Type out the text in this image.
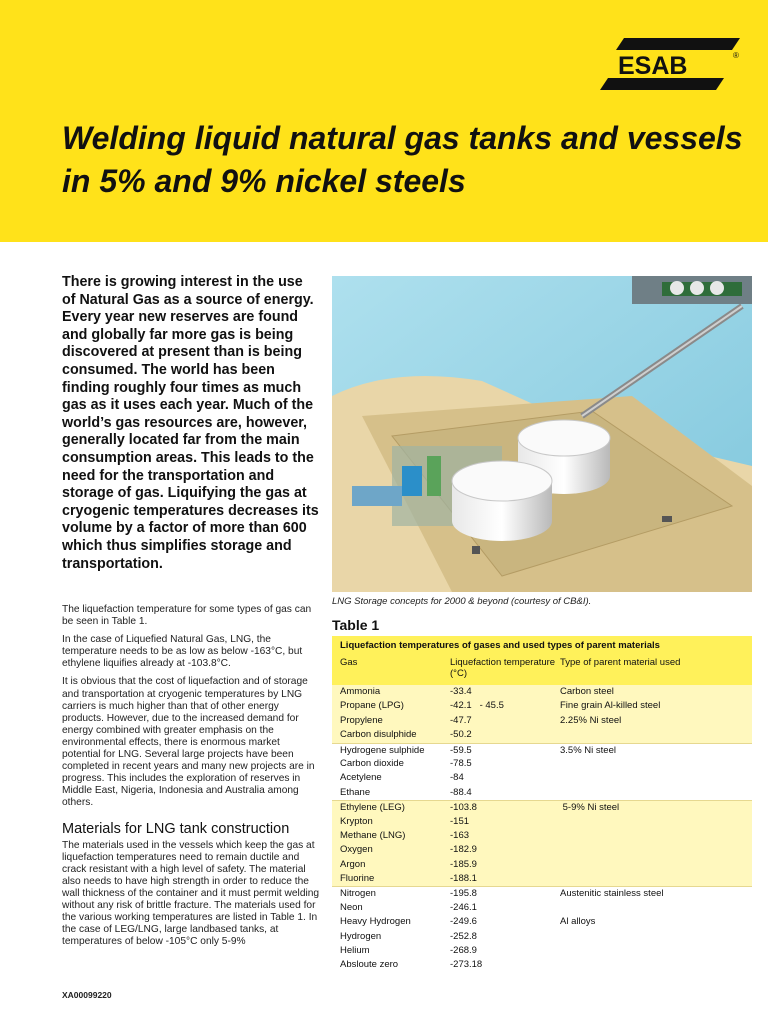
ESAB	®
Welding liquid natural gas tanks and vessels in 5% and 9% nickel steels
There is growing interest in the use of Natural Gas as a source of energy. Every year new reserves are found and globally far more gas is being discovered at present than is being consumed. The world has been finding roughly four times as much gas as it uses each year. Much of the world’s gas resources are, however, generally located far from the main consumption areas. This leads to the need for the transportation and storage of gas. Liquifying the gas at cryogenic temperatures decreases its volume by a factor of more than 600 which thus simplifies storage and transportation.
LNG Storage concepts for 2000 & beyond (courtesy of CB&I).

The liquefaction temperature for some types of gas can be seen in Table 1.

In the case of Liquefied Natural Gas, LNG, the temperature needs to be as low as below -163°C, but ethylene liquifies already at -103.8°C.

It is obvious that the cost of liquefaction and of storage and transportation at cryogenic temperatures by LNG carriers is much higher than that of other energy products. However, due to the increased demand for energy combined with greater emphasis on the environmental effects, there is enormous market potential for LNG. Several large projects have been completed in recent years and many new projects are in progress. This includes the exploration of reserves in Middle East, Nigeria, Indonesia and Australia among others.

Materials for LNG tank construction

The materials used in the vessels which keep the gas at liquefaction temperatures need to remain ductile and crack resistant with a high level of safety. The material also needs to have high strength in order to reduce the wall thickness of the container and it must permit welding without any risk of brittle fracture. The materials used for the various working temperatures are listed in Table 1. In the case of LEG/LNG, large landbased tanks, at temperatures of below -105°C only 5-9%

XA00099220
Table 1
Liquefaction temperatures of gases and used types of parent materials
Gas	Liquefaction temperature (°C)
Type of parent material used
Ammonia	-33.4	Carbon steel
Propane (LPG)	-42.1   - 45.5	Fine grain Al-killed steel
Propylene	-47.7	2.25% Ni steel
Carbon disulphide	-50.2
Hydrogene sulphide	-59.5	3.5% Ni steel
Carbon dioxide	-78.5
Acetylene	-84
Ethane	-88.4
Ethylene (LEG)	-103.8	5-9% Ni steel
Krypton	-151
Methane (LNG)	-163
Oxygen	-182.9
Argon	-185.9
Fluorine	-188.1
Nitrogen	-195.8	Austenitic stainless steel
Neon	-246.1
Heavy Hydrogen	-249.6	Al alloys
Hydrogen	-252.8
Helium	-268.9
Absloute zero	-273.18
